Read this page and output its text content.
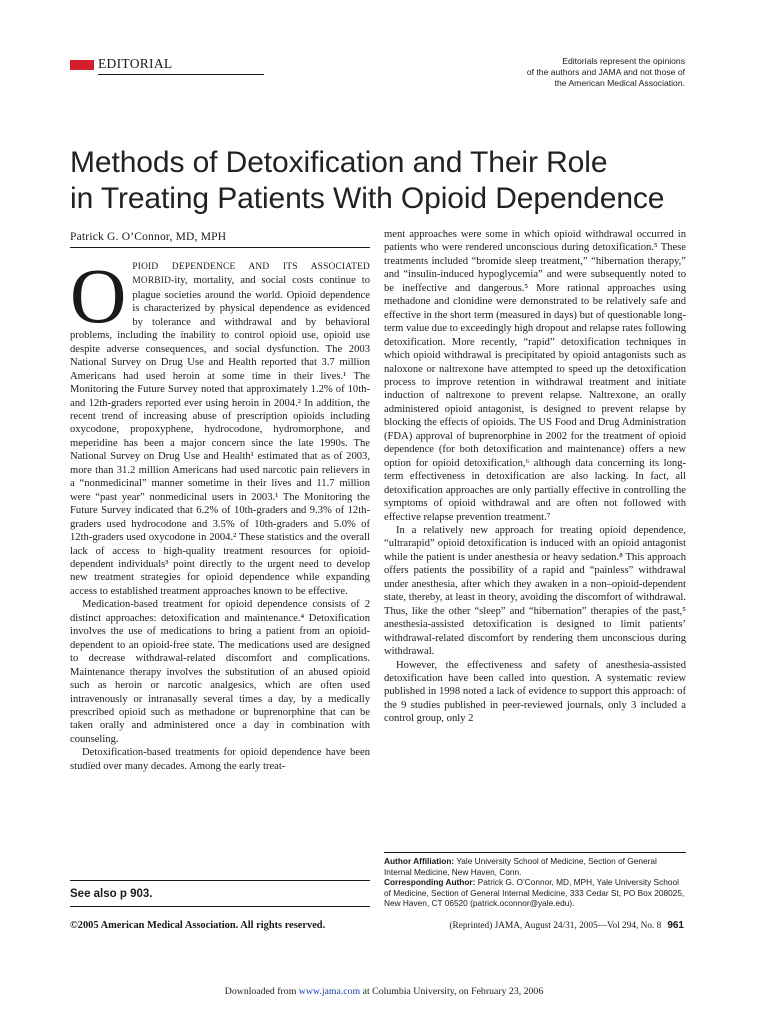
EDITORIAL	Editorials represent the opinions
of the authors and JAMA and not those of
the American Medical Association.
Methods of Detoxification and Their Role
in Treating Patients With Opioid Dependence
Patrick G. O’Connor, MD, MPH

OPIOID DEPENDENCE AND ITS ASSOCIATED MORBID-ity, mortality, and social costs continue to plague societies around the world. Opioid dependence is characterized by physical dependence as evidenced by tolerance and withdrawal and by behavioral problems, including the inability to control opioid use, opioid use despite adverse consequences, and social dysfunction. The 2003 National Survey on Drug Use and Health reported that 3.7 million Americans had used heroin at some time in their lives.¹ The Monitoring the Future Survey noted that approximately 1.2% of 10th- and 12th-graders reported ever using heroin in 2004.² In addition, the recent trend of increasing abuse of prescription opioids including oxycodone, propoxyphene, hydrocodone, hydromorphone, and meperidine has been a major concern since the late 1990s. The National Survey on Drug Use and Health¹ estimated that as of 2003, more than 31.2 million Americans had used narcotic pain relievers in a “nonmedicinal” manner sometime in their lives and 11.7 million were “past year” nonmedicinal users in 2003.¹ The Monitoring the Future Survey indicated that 6.2% of 10th-graders and 9.3% of 12th-graders used hydrocodone and 3.5% of 10th-graders and 5.0% of 12th-graders used oxycodone in 2004.² These statistics and the overall lack of access to high-quality treatment resources for opioid-dependent individuals³ point directly to the urgent need to develop new treatment strategies for opioid dependence while expanding access to established treatment approaches known to be effective.

Medication-based treatment for opioid dependence consists of 2 distinct approaches: detoxification and maintenance.⁴ Detoxification involves the use of medications to bring a patient from an opioid-dependent to an opioid-free state. The medications used are designed to decrease withdrawal-related discomfort and complications. Maintenance therapy involves the substitution of an abused opioid such as heroin or narcotic analgesics, which are often used intravenously or intranasally several times a day, by a medically prescribed opioid such as methadone or buprenorphine that can be taken orally and administered once a day in combination with counseling.

Detoxification-based treatments for opioid dependence have been studied over many decades. Among the early treat-

ment approaches were some in which opioid withdrawal occurred in patients who were rendered unconscious during detoxification.⁵ These treatments included “bromide sleep treatment,” “hibernation therapy,” and “insulin-induced hypoglycemia” and were subsequently noted to be ineffective and dangerous.⁵ More rational approaches using methadone and clonidine were demonstrated to be relatively safe and effective in the short term (measured in days) but of questionable long-term value due to exceedingly high dropout and relapse rates following detoxification. More recently, “rapid” detoxification techniques in which opioid withdrawal is precipitated by opioid antagonists such as naloxone or naltrexone have attempted to speed up the detoxification process to improve retention in withdrawal treatment and initiate induction of naltrexone to prevent relapse. Naltrexone, an orally administered opioid antagonist, is designed to prevent relapse by blocking the effects of opioids. The US Food and Drug Administration (FDA) approval of buprenorphine in 2002 for the treatment of opioid dependence (for both detoxification and maintenance) offers a new option for opioid detoxification,⁶ although data concerning its long-term effectiveness in detoxification are also lacking. In fact, all detoxification approaches are only partially effective in controlling the symptoms of opioid withdrawal and are often not followed with effective relapse prevention treatment.⁷

In a relatively new approach for treating opioid dependence, “ultrarapid” opioid detoxification is induced with an opioid antagonist while the patient is under anesthesia or heavy sedation.⁸ This approach offers patients the possibility of a rapid and “painless” withdrawal under anesthesia, after which they awaken in a non–opioid-dependent state, thereby, at least in theory, avoiding the discomfort of withdrawal. Thus, like the other “sleep” and “hibernation” therapies of the past,⁵ anesthesia-assisted detoxification is designed to limit patients’ withdrawal-related discomfort by rendering them unconscious during withdrawal.

However, the effectiveness and safety of anesthesia-assisted detoxification have been called into question. A systematic review published in 1998 noted a lack of evidence to support this approach: of the 9 studies published in peer-reviewed journals, only 3 included a control group, only 2

See also p 903.
Author Affiliation: Yale University School of Medicine, Section of General Internal Medicine, New Haven, Conn.
Corresponding Author: Patrick G. O’Connor, MD, MPH, Yale University School of Medicine, Section of General Internal Medicine, 333 Cedar St, PO Box 208025, New Haven, CT 06520 (patrick.oconnor@yale.edu).
©2005 American Medical Association. All rights reserved.	(Reprinted) JAMA, August 24/31, 2005—Vol 294, No. 8 961
Downloaded from www.jama.com at Columbia University, on February 23, 2006
